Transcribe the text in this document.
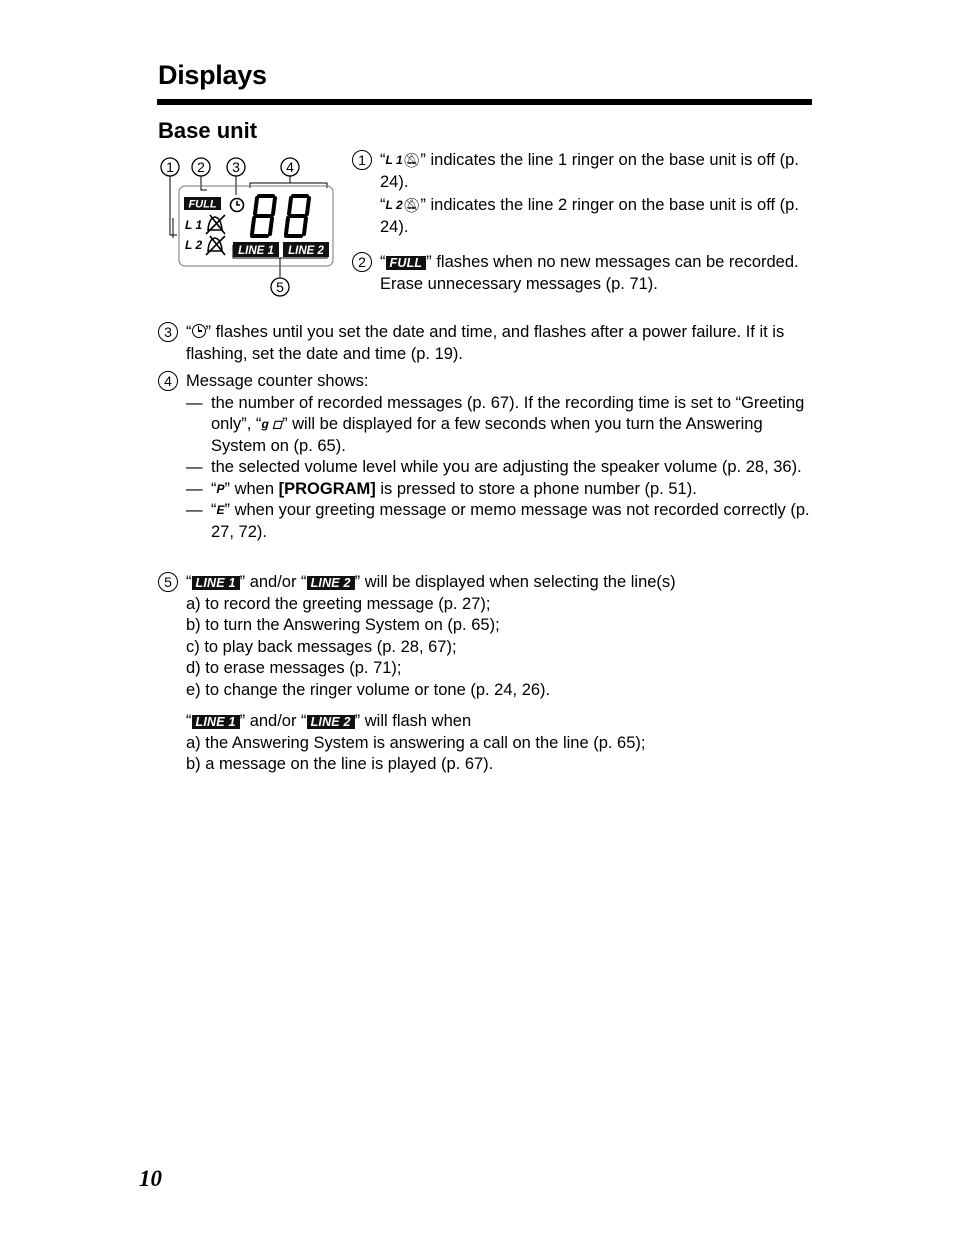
Displays
Base unit
1 2 3	4
5
FULL
L 1
L 2	LINE 1 LINE 2
1 “L 1🔕︎” indicates the line 1 ringer on the base unit is off (p. 24).

“L 2🔕︎” indicates the line 2 ringer on the base unit is off (p. 24).

2 “ FULL ” flashes when no new messages can be recorded. Erase unnecessary messages (p. 71).

3 “ ” flashes until you set the date and time, and flashes after a power failure. If it is flashing, set the date and time (p. 19).

4 Message counter shows:

— the number of recorded messages (p. 67). If the recording time is set to “Greeting only”, “g ◻” will be displayed for a few seconds when you turn the Answering System on (p. 65).

— the selected volume level while you are adjusting the speaker volume (p. 28, 36).

— “P” when [PROGRAM] is pressed to store a phone number (p. 51).

— “E” when your greeting message or memo message was not recorded correctly (p. 27, 72).

5 “ LINE 1 ” and/or “ LINE 2 ” will be displayed when selecting the line(s)

a) to record the greeting message (p. 27);

b) to turn the Answering System on (p. 65);

c) to play back messages (p. 28, 67);

d) to erase messages (p. 71);

e) to change the ringer volume or tone (p. 24, 26).

“ LINE 1 ” and/or “ LINE 2 ” will flash when

a) the Answering System is answering a call on the line (p. 65);

b) a message on the line is played (p. 67).

10
